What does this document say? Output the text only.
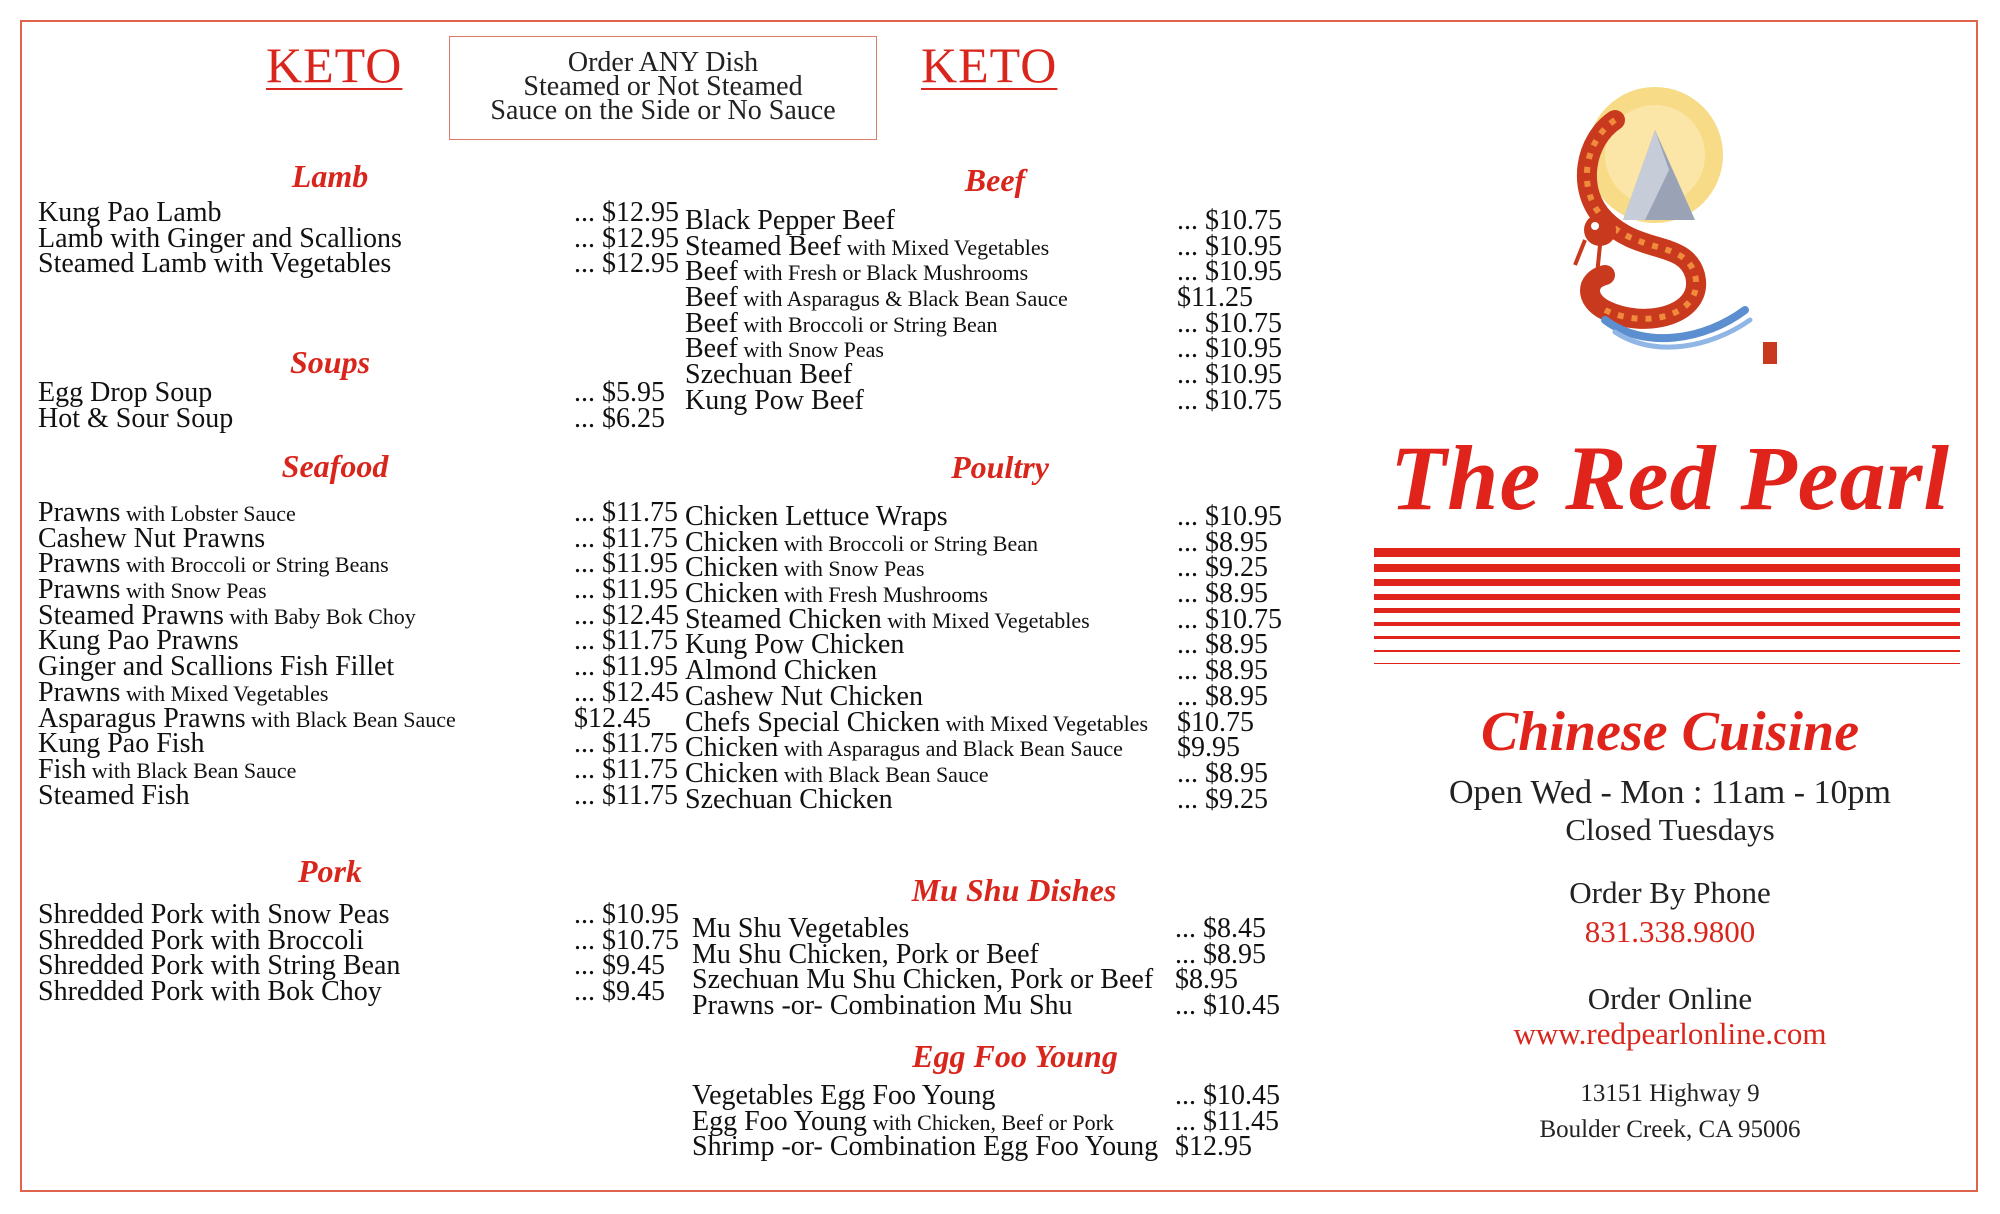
KETO	Order ANY Dish
Steamed or Not Steamed
Sauce on the Side or No Sauce
KETO
Lamb
Soups
Seafood
Pork
Beef
Poultry
Mu Shu Dishes
Egg Foo Young
Kung Pao Lamb	... $12.95
Lamb with Ginger and Scallions	... $12.95
Steamed Lamb with Vegetables	... $12.95
Egg Drop Soup	... $5.95
Hot & Sour Soup	... $6.25
Prawns with Lobster Sauce	... $11.75
Cashew Nut Prawns	... $11.75
Prawns with Broccoli or String Beans	... $11.95
Prawns with Snow Peas	... $11.95
Steamed Prawns with Baby Bok Choy	... $12.45
Kung Pao Prawns	... $11.75
Ginger and Scallions Fish Fillet	... $11.95
Prawns with Mixed Vegetables	... $12.45
Asparagus Prawns with Black Bean Sauce	$12.45
Kung Pao Fish	... $11.75
Fish with Black Bean Sauce	... $11.75
Steamed Fish	... $11.75
Shredded Pork with Snow Peas	... $10.95
Shredded Pork with Broccoli	... $10.75
Shredded Pork with String Bean	... $9.45
Shredded Pork with Bok Choy	... $9.45
Black Pepper Beef	... $10.75
Steamed Beef with Mixed Vegetables	... $10.95
Beef with Fresh or Black Mushrooms	... $10.95
Beef with Asparagus & Black Bean Sauce	$11.25
Beef with Broccoli or String Bean	... $10.75
Beef with Snow Peas	... $10.95
Szechuan Beef	... $10.95
Kung Pow Beef	... $10.75
Chicken Lettuce Wraps	... $10.95
Chicken with Broccoli or String Bean	... $8.95
Chicken with Snow Peas	... $9.25
Chicken with Fresh Mushrooms	... $8.95
Steamed Chicken with Mixed Vegetables	... $10.75
Kung Pow Chicken	... $8.95
Almond Chicken	... $8.95
Cashew Nut Chicken	... $8.95
Chefs Special Chicken with Mixed Vegetables $10.75
Chicken with Asparagus and Black Bean Sauce $9.95
Chicken with Black Bean Sauce	... $8.95
Szechuan Chicken	... $9.25
Mu Shu Vegetables	... $8.45
Mu Shu Chicken, Pork or Beef	... $8.95
Szechuan Mu Shu Chicken, Pork or Beef $8.95
Prawns -or- Combination Mu Shu	... $10.45
Vegetables Egg Foo Young	... $10.45
Egg Foo Young with Chicken, Beef or Pork ... $11.45
Shrimp -or- Combination Egg Foo Young $12.95
The Red Pearl
Chinese Cuisine
Open Wed - Mon : 11am - 10pm
Closed Tuesdays
Order By Phone
831.338.9800
Order Online
www.redpearlonline.com
13151 Highway 9
Boulder Creek, CA 95006
